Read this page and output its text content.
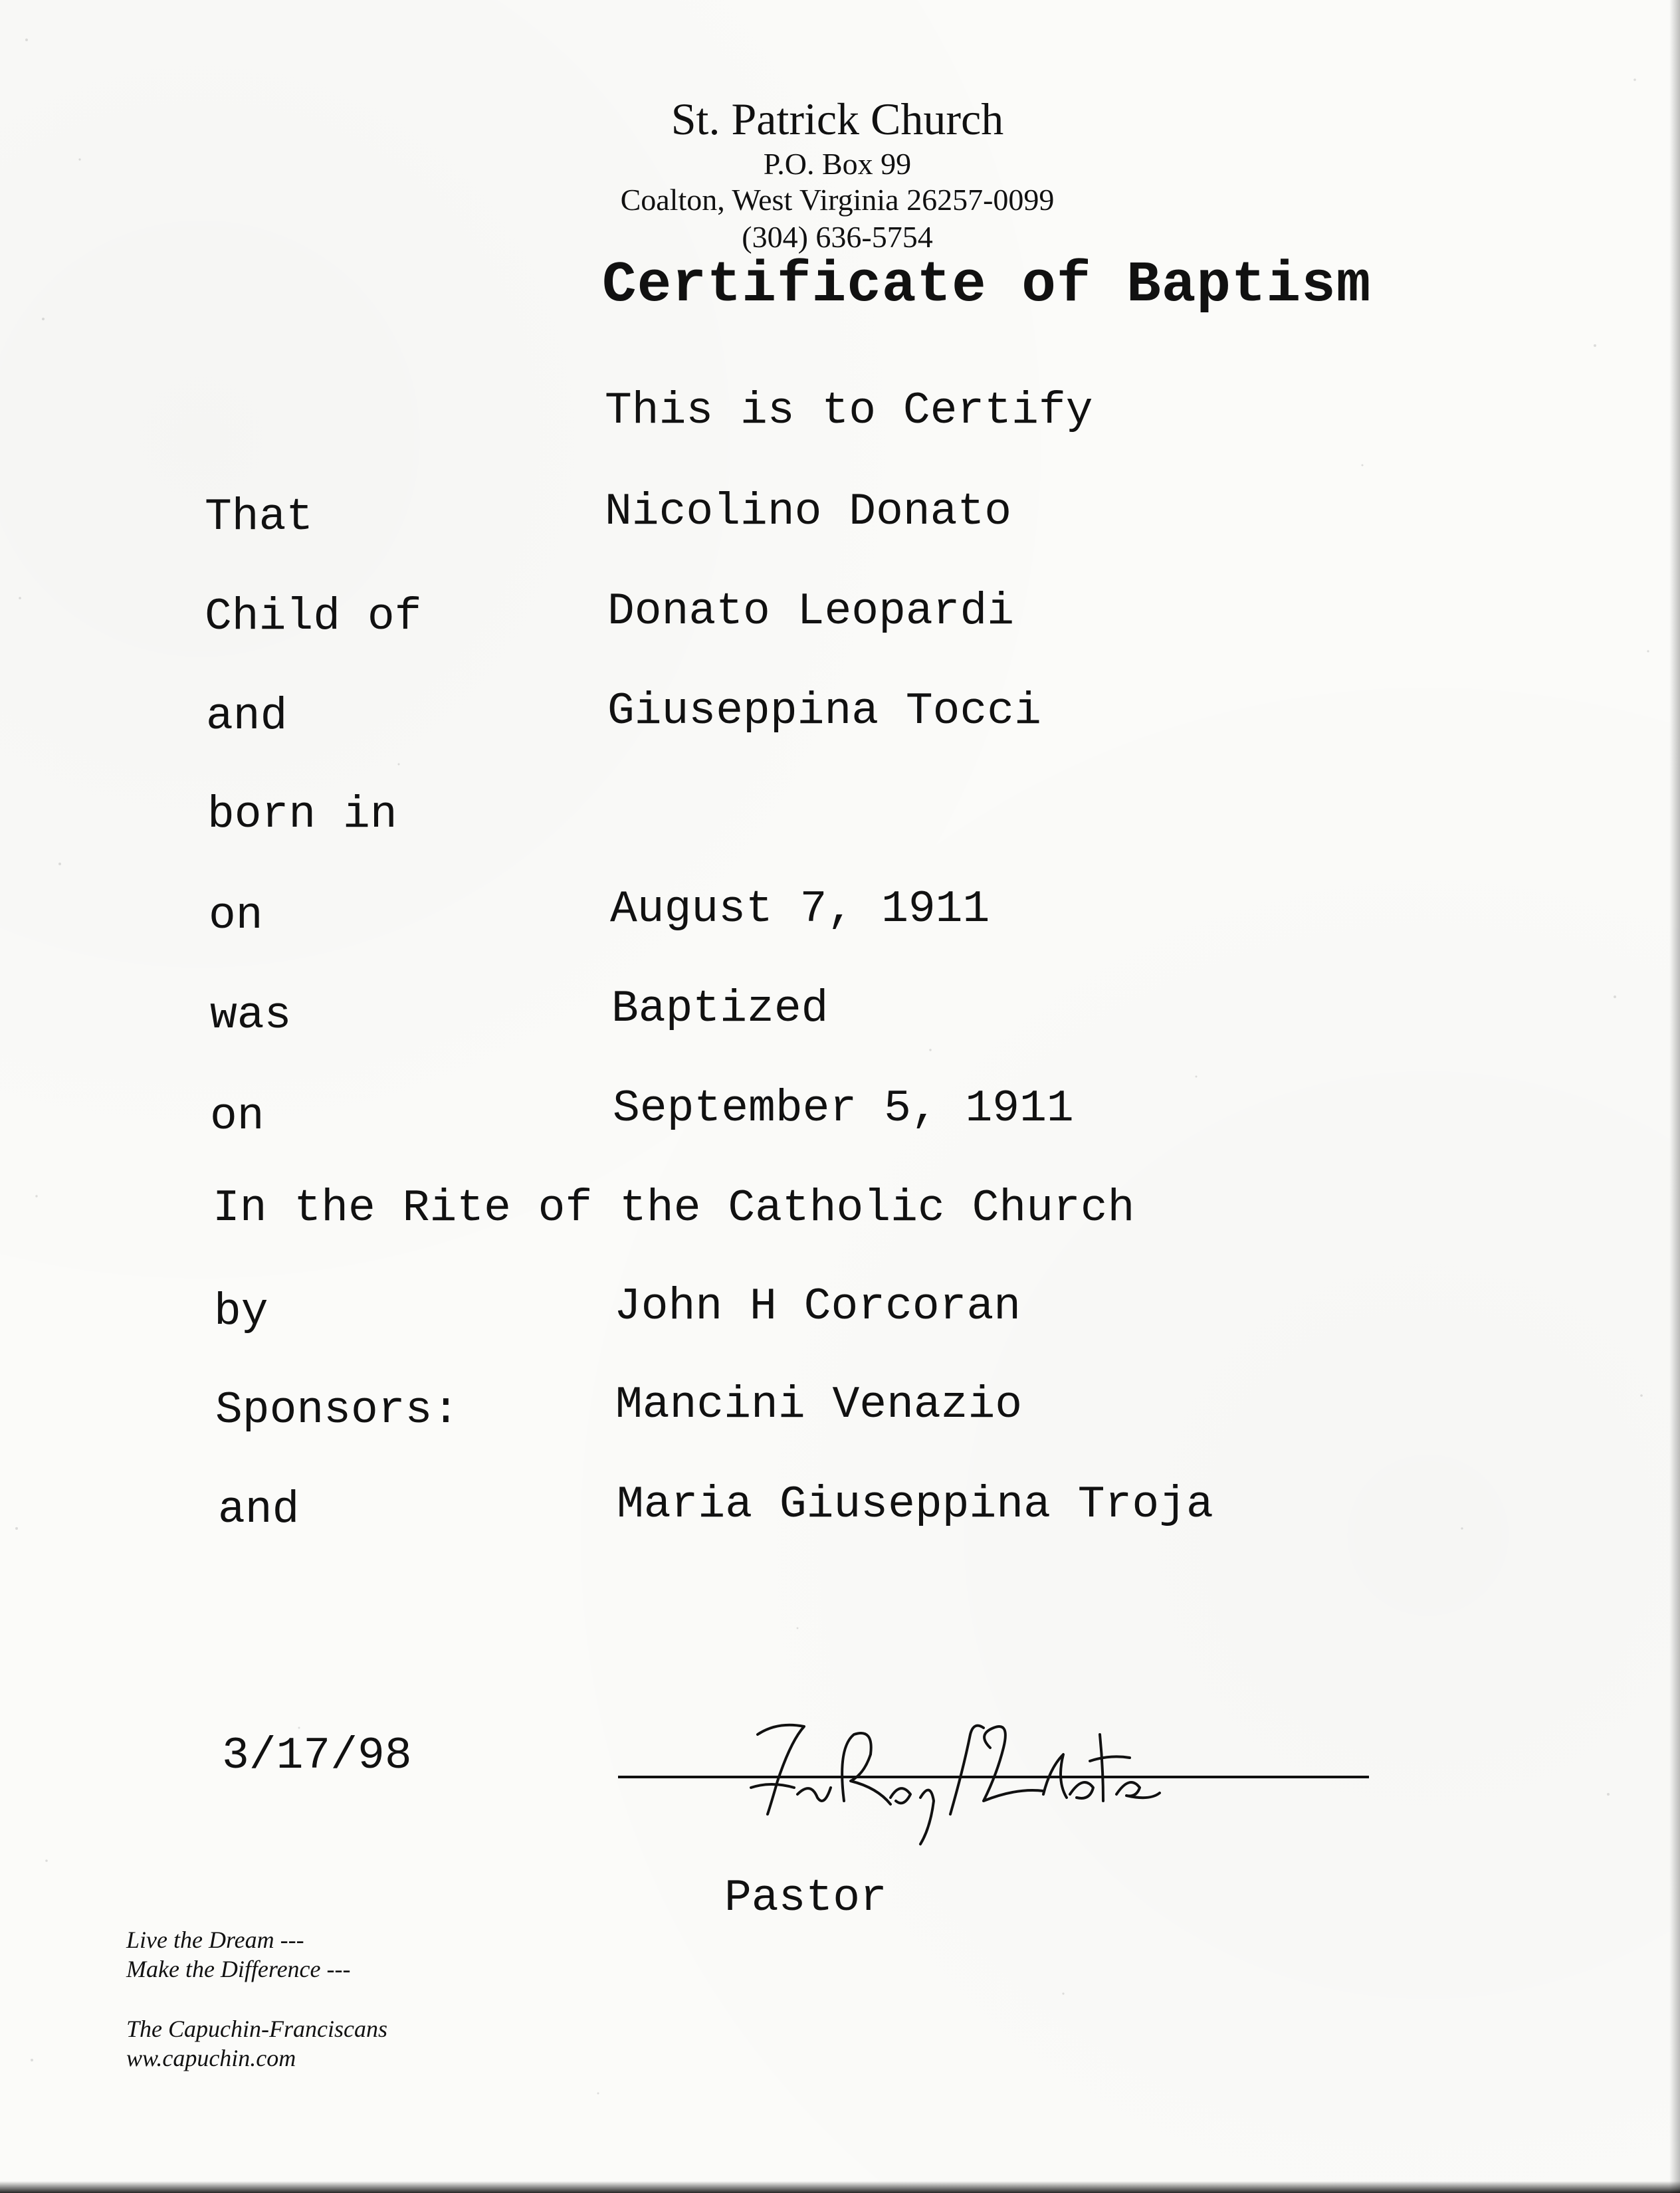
St. Patrick Church
P.O. Box 99
Coalton, West Virginia 26257-0099
(304) 636-5754
Certificate of Baptism
This is to Certify
That	Nicolino Donato
Child of	Donato Leopardi
and	Giuseppina Tocci
born in
on	August 7, 1911
was	Baptized
on	September 5, 1911
In the Rite of the Catholic Church
by	John H Corcoran
Sponsors:	Mancini Venazio
and	Maria Giuseppina Troja
3/17/98
Pastor
Live the Dream ---
Make the Difference ---
The Capuchin-Franciscans
ww.capuchin.com
